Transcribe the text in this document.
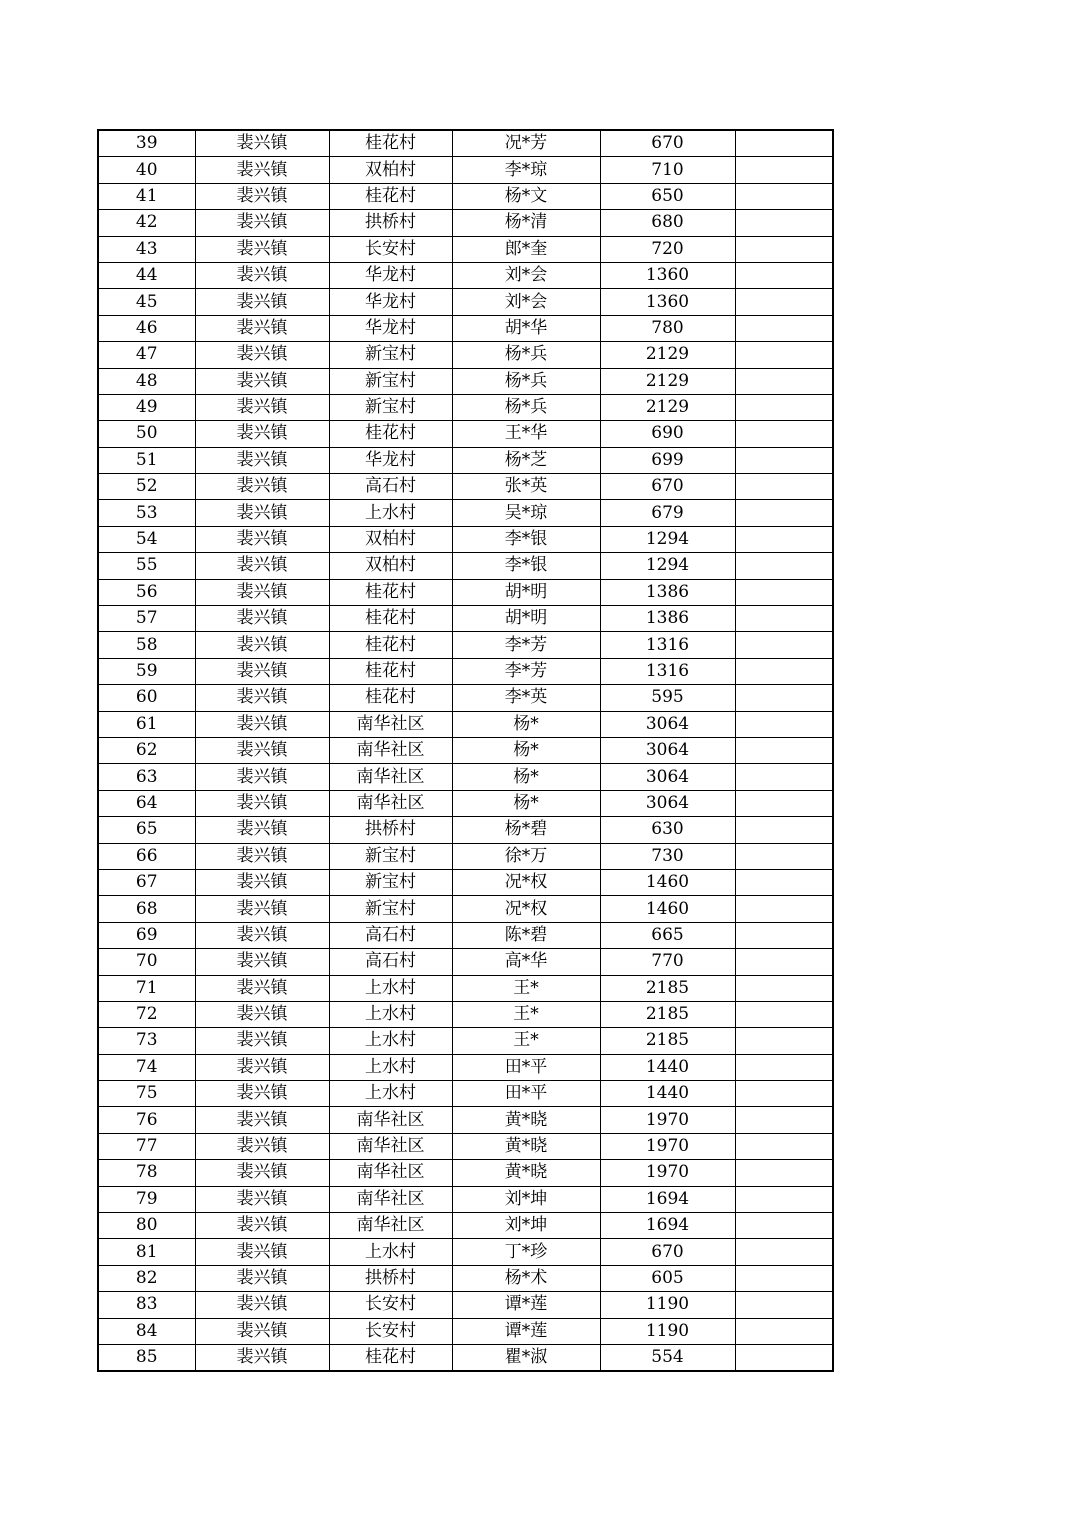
39	裴兴镇	桂花村	况*芳	670	
40	裴兴镇	双柏村	李*琼	710	
41	裴兴镇	桂花村	杨*文	650	
42	裴兴镇	拱桥村	杨*清	680	
43	裴兴镇	长安村	郎*奎	720	
44	裴兴镇	华龙村	刘*会	1360	
45	裴兴镇	华龙村	刘*会	1360	
46	裴兴镇	华龙村	胡*华	780	
47	裴兴镇	新宝村	杨*兵	2129	
48	裴兴镇	新宝村	杨*兵	2129	
49	裴兴镇	新宝村	杨*兵	2129	
50	裴兴镇	桂花村	王*华	690	
51	裴兴镇	华龙村	杨*芝	699	
52	裴兴镇	高石村	张*英	670	
53	裴兴镇	上水村	吴*琼	679	
54	裴兴镇	双柏村	李*银	1294	
55	裴兴镇	双柏村	李*银	1294	
56	裴兴镇	桂花村	胡*明	1386	
57	裴兴镇	桂花村	胡*明	1386	
58	裴兴镇	桂花村	李*芳	1316	
59	裴兴镇	桂花村	李*芳	1316	
60	裴兴镇	桂花村	李*英	595	
61	裴兴镇	南华社区	杨*	3064	
62	裴兴镇	南华社区	杨*	3064	
63	裴兴镇	南华社区	杨*	3064	
64	裴兴镇	南华社区	杨*	3064	
65	裴兴镇	拱桥村	杨*碧	630	
66	裴兴镇	新宝村	徐*万	730	
67	裴兴镇	新宝村	况*权	1460	
68	裴兴镇	新宝村	况*权	1460	
69	裴兴镇	高石村	陈*碧	665	
70	裴兴镇	高石村	高*华	770	
71	裴兴镇	上水村	王*	2185	
72	裴兴镇	上水村	王*	2185	
73	裴兴镇	上水村	王*	2185	
74	裴兴镇	上水村	田*平	1440	
75	裴兴镇	上水村	田*平	1440	
76	裴兴镇	南华社区	黄*晓	1970	
77	裴兴镇	南华社区	黄*晓	1970	
78	裴兴镇	南华社区	黄*晓	1970	
79	裴兴镇	南华社区	刘*坤	1694	
80	裴兴镇	南华社区	刘*坤	1694	
81	裴兴镇	上水村	丁*珍	670	
82	裴兴镇	拱桥村	杨*术	605	
83	裴兴镇	长安村	谭*莲	1190	
84	裴兴镇	长安村	谭*莲	1190	
85	裴兴镇	桂花村	瞿*淑	554	
